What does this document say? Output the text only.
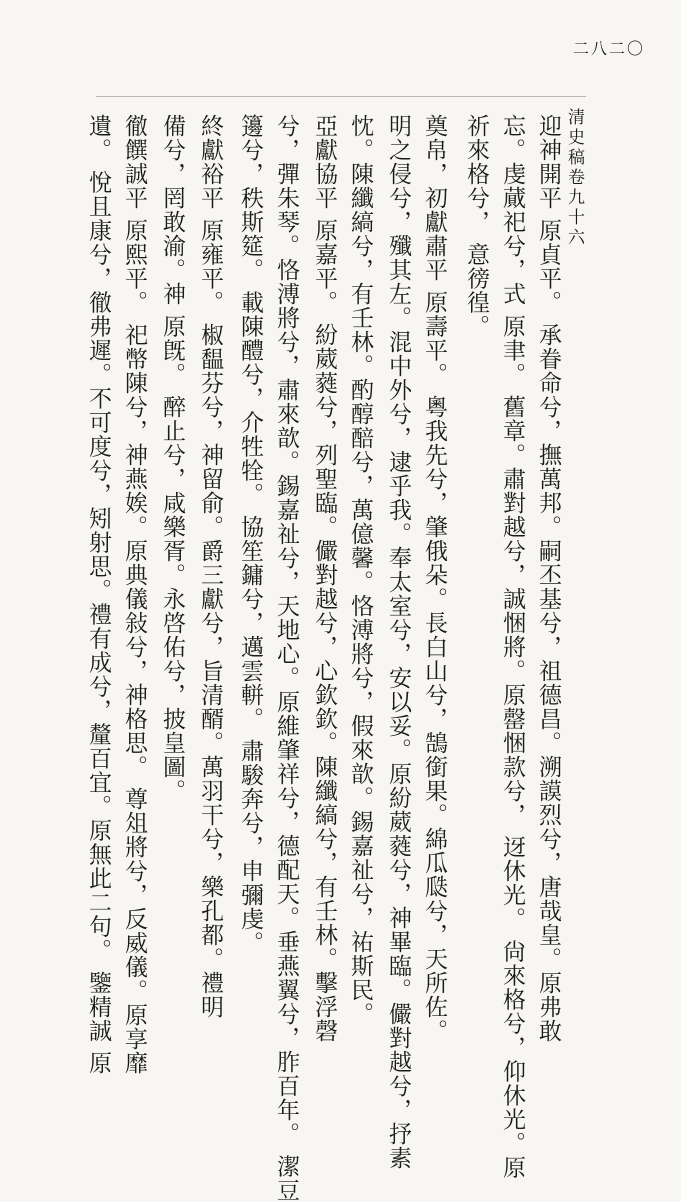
二八二〇
清史稿卷九十六
迎神開平 原貞平。 承眷命兮，撫萬邦。嗣丕基兮，祖德昌。溯謨烈兮，唐哉皇。原弗敢
忘。虔蕆祀兮，式 原聿。 舊章。肅對越兮，誠悃將。原罄悃款兮， 迓休光。 尙來格兮，仰休光。原
祈來格兮， 意徬徨。
奠帛，初獻肅平 原壽平。 粵我先兮，肇俄朵。長白山兮，鵠銜果。綿瓜瓞兮，天所佐。
明之侵兮，殲其左。混中外兮，逮乎我。奉太室兮，安以妥。原紛葳蕤兮，神畢臨。儼對越兮，抒素
忱。陳纖縞兮，有壬林。酌醇醅兮，萬億馨。恪溥將兮，假來歆。錫嘉祉兮，祐斯民。
亞獻協平 原嘉平。 紛葳蕤兮，列聖臨。儼對越兮，心欽欽。陳纖縞兮，有壬林。擊浮磬
兮，彈朱琴。恪溥將兮，肅來歆。錫嘉祉兮，天地心。原維肇祥兮，德配天。垂燕翼兮，胙百年。 潔豆
籩兮，秩斯筵。 載陳醴兮，介牲牷。 協笙鏞兮，邁雲軿。 肅駿奔兮，申彌虔。
終獻裕平 原雍平。 椒馧芬兮，神留俞。爵三獻兮，旨清醑。萬羽干兮，樂孔都。禮明
備兮，罔敢渝。神 原旣。 醉止兮，咸樂胥。永啓佑兮，披皇圖。
徹饌誠平 原熙平。 祀幣陳兮，神燕娭。原典儀敍兮，神格思。 尊俎將兮，反威儀。原享靡
遺。 悅且康兮，徹弗遲。不可度兮，矧射思。禮有成兮，釐百宜。原無此二句。 鑒精誠 原
